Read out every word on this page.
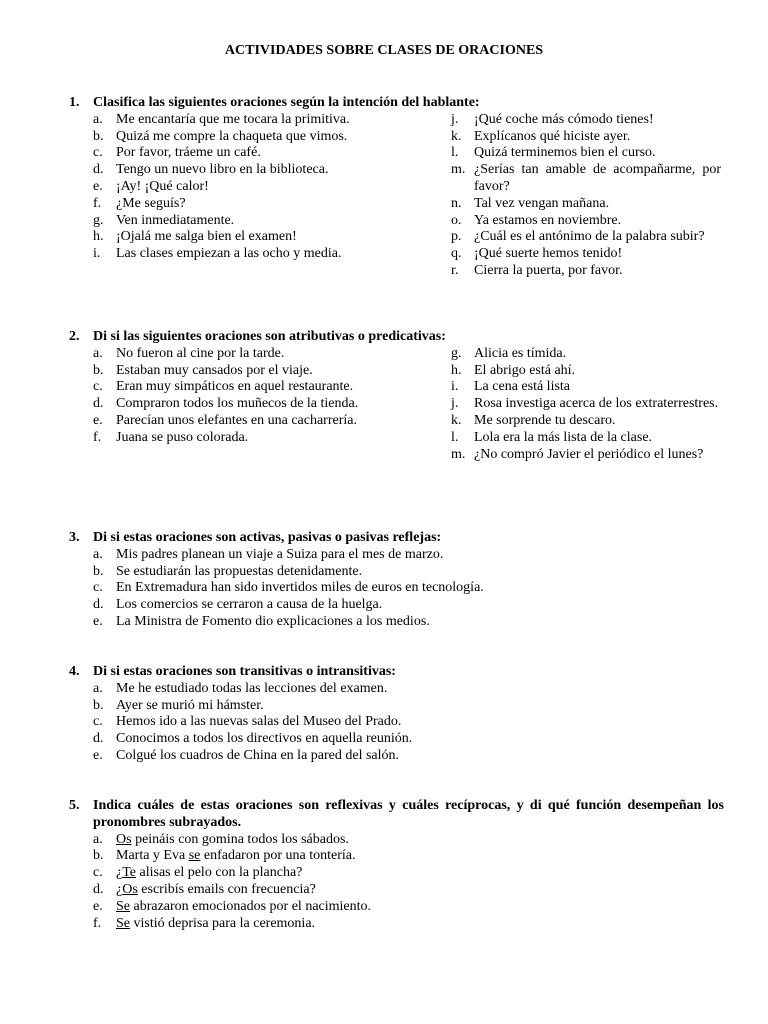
ACTIVIDADES SOBRE CLASES DE ORACIONES
1. Clasifica las siguientes oraciones según la intención del hablante:
a. Me encantaría que me tocara la primitiva.
b. Quizá me compre la chaqueta que vimos.
c. Por favor, tráeme un café.
d. Tengo un nuevo libro en la biblioteca.
e. ¡Ay! ¡Qué calor!
f. ¿Me seguís?
g. Ven inmediatamente.
h. ¡Ojalá me salga bien el examen!
i. Las clases empiezan a las ocho y media.
j. ¡Qué coche más cómodo tienes!
k. Explícanos qué hiciste ayer.
l. Quizá terminemos bien el curso.
m. ¿Serías tan amable de acompañarme, por favor?
n. Tal vez vengan mañana.
o. Ya estamos en noviembre.
p. ¿Cuál es el antónimo de la palabra subir?
q. ¡Qué suerte hemos tenido!
r. Cierra la puerta, por favor.
2. Di si las siguientes oraciones son atributivas o predicativas:
a. No fueron al cine por la tarde.
b. Estaban muy cansados por el viaje.
c. Eran muy simpáticos en aquel restaurante.
d. Compraron todos los muñecos de la tienda.
e. Parecían unos elefantes en una cacharrería.
f. Juana se puso colorada.
g. Alicia es tímida.
h. El abrigo está ahí.
i. La cena está lista
j. Rosa investiga acerca de los extraterrestres.
k. Me sorprende tu descaro.
l. Lola era la más lista de la clase.
m. ¿No compró Javier el periódico el lunes?
3. Di si estas oraciones son activas, pasivas o pasivas reflejas:
a. Mis padres planean un viaje a Suiza para el mes de marzo.
b. Se estudiarán las propuestas detenidamente.
c. En Extremadura han sido invertidos miles de euros en tecnología.
d. Los comercios se cerraron a causa de la huelga.
e. La Ministra de Fomento dio explicaciones a los medios.
4. Di si estas oraciones son transitivas o intransitivas:
a. Me he estudiado todas las lecciones del examen.
b. Ayer se murió mi hámster.
c. Hemos ido a las nuevas salas del Museo del Prado.
d. Conocimos a todos los directivos en aquella reunión.
e. Colgué los cuadros de China en la pared del salón.
5. Indica cuáles de estas oraciones son reflexivas y cuáles recíprocas, y di qué función desempeñan los pronombres subrayados.
a. Os peináis con gomina todos los sábados.
b. Marta y Eva se enfadaron por una tontería.
c. ¿Te alisas el pelo con la plancha?
d. ¿Os escribís emails con frecuencia?
e. Se abrazaron emocionados por el nacimiento.
f. Se vistió deprisa para la ceremonia.
